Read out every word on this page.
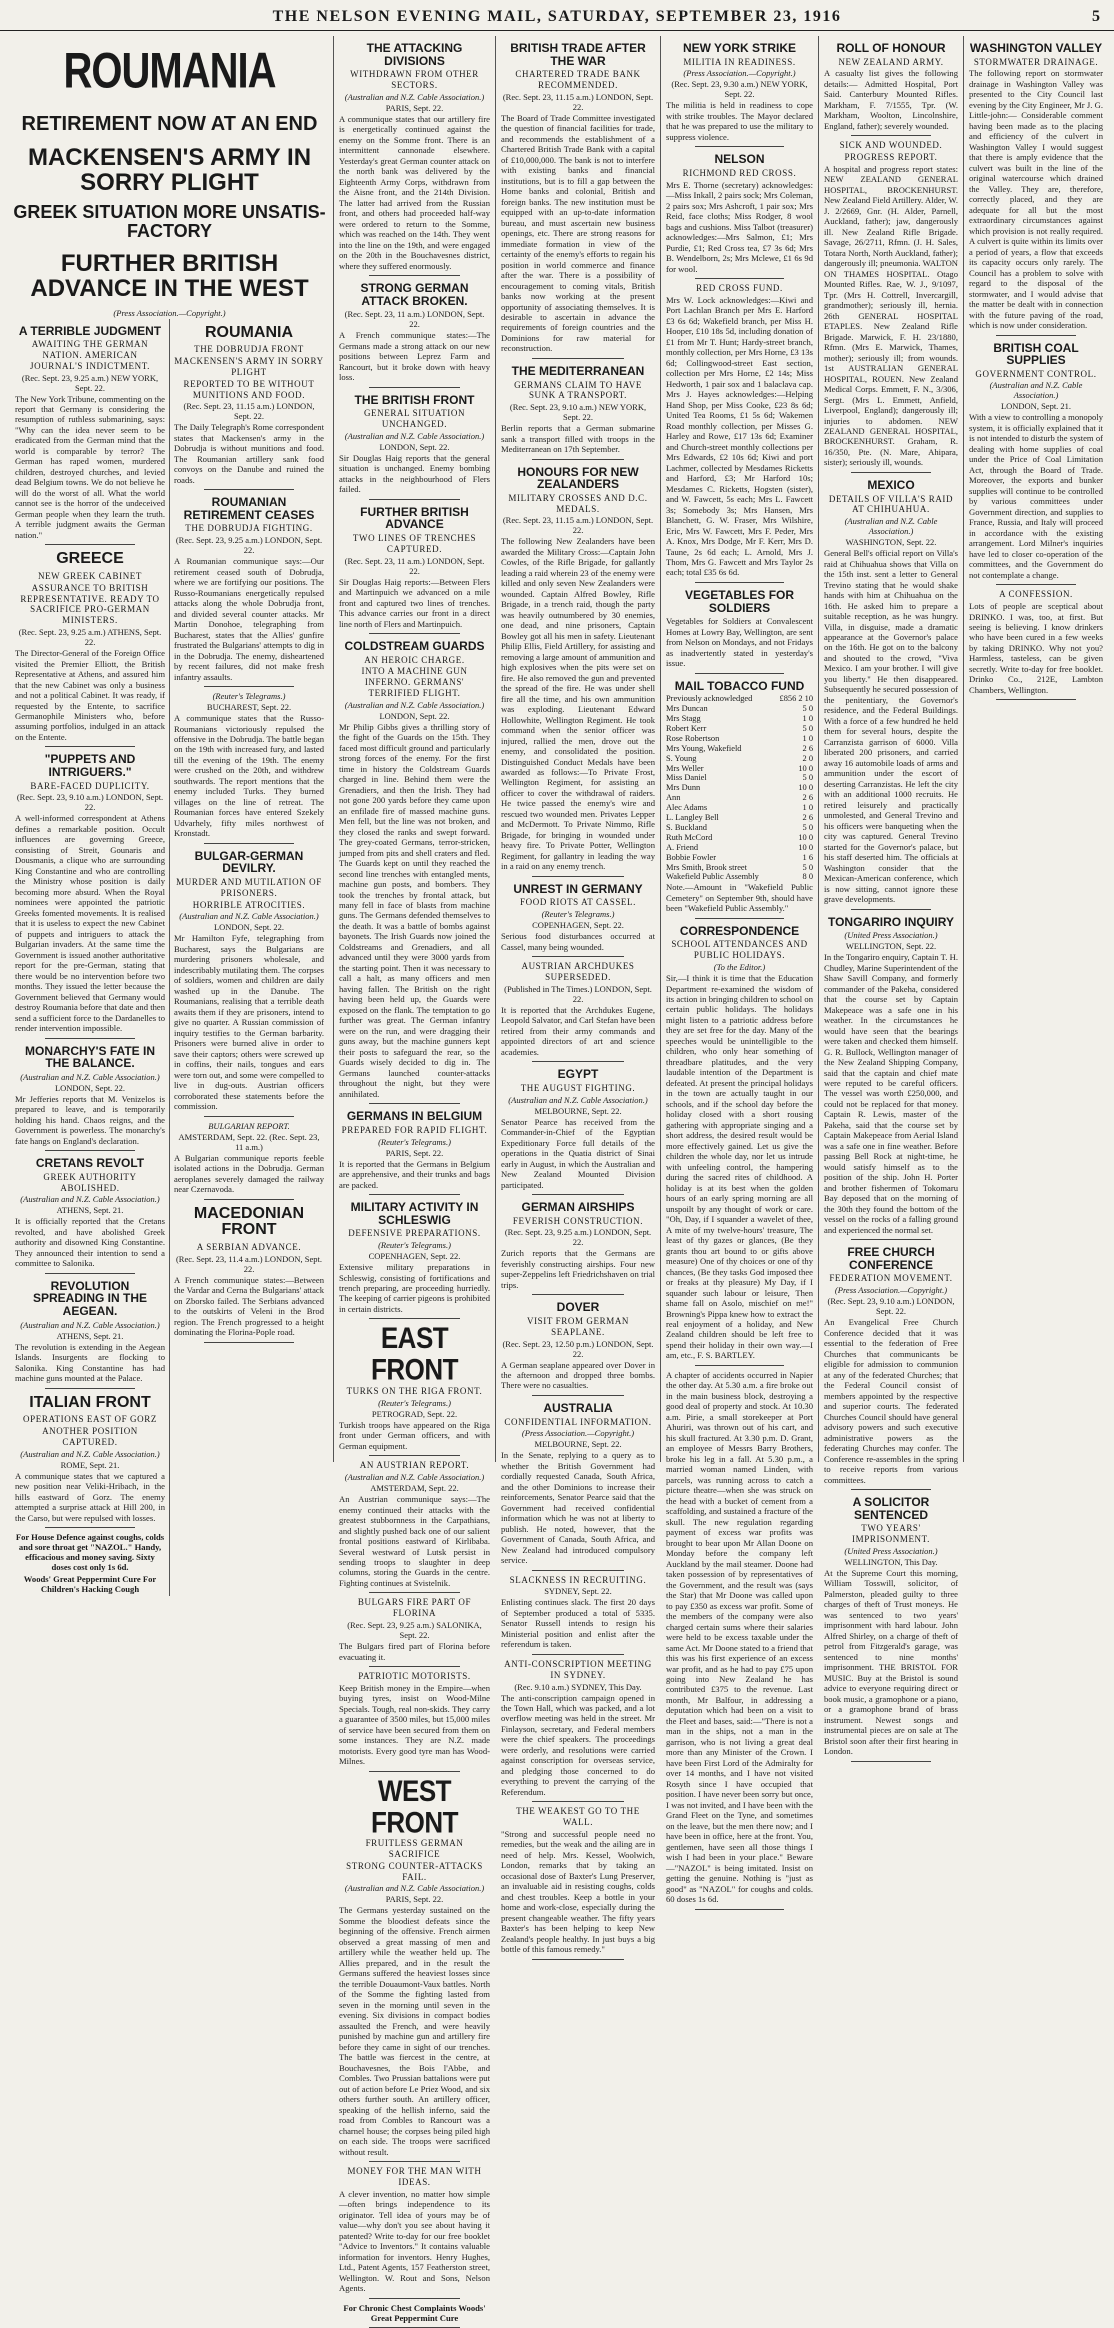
THE NELSON EVENING MAIL, SATURDAY, SEPTEMBER 23, 1916	5
ROUMANIA
RETIREMENT NOW AT AN END
MACKENSEN'S ARMY IN SORRY PLIGHT
GREEK SITUATION MORE UNSATIS-FACTORY
FURTHER BRITISH ADVANCE IN THE WEST
(Press Association.—Copyright.)
A TERRIBLE JUDGMENT
AWAITING THE GERMAN NATION. AMERICAN JOURNAL'S INDICTMENT.
(Rec. Sept. 23, 9.25 a.m.) NEW YORK, Sept. 22.

The New York Tribune, commenting on the report that Germany is considering the resumption of ruthless submarining, says: "Why can the idea never seem to be eradicated from the German mind that the world is comparable by terror? The German has raped women, murdered children, destroyed churches, and levied dead Belgium towns. We do not believe he will do the worst of all. What the world cannot see is the horror of the undeceived German people when they learn the truth. A terrible judgment awaits the German nation."

GREECE
NEW GREEK CABINET
ASSURANCE TO BRITISH REPRESENTATIVE. READY TO SACRIFICE PRO-GERMAN MINISTERS.
(Rec. Sept. 23, 9.25 a.m.) ATHENS, Sept. 22.

The Director-General of the Foreign Office visited the Premier Elliott, the British Representative at Athens, and assured him that the new Cabinet was only a business and not a political Cabinet. It was ready, if requested by the Entente, to sacrifice Germanophile Ministers who, before assuming portfolios, indulged in an attack on the Entente.

"PUPPETS AND INTRIGUERS."
BARE-FACED DUPLICITY.
(Rec. Sept. 23, 9.10 a.m.) LONDON, Sept. 22.

A well-informed correspondent at Athens defines a remarkable position. Occult influences are governing Greece, consisting of Streit, Gounaris and Dousmanis, a clique who are surrounding King Constantine and who are controlling the Ministry whose position is daily becoming more absurd. When the Royal nominees were appointed the patriotic Greeks fomented movements. It is realised that it is useless to expect the new Cabinet of puppets and intriguers to attack the Bulgarian invaders. At the same time the Government is issued another authoritative report for the pre-German, stating that there would be no intervention before two months. They issued the letter because the Government believed that Germany would destroy Roumania before that date and then send a sufficient force to the Dardanelles to render intervention impossible.

MONARCHY'S FATE IN THE BALANCE.
(Australian and N.Z. Cable Association.)
LONDON, Sept. 22.

Mr Jefferies reports that M. Venizelos is prepared to leave, and is temporarily holding his hand. Chaos reigns, and the Government is powerless. The monarchy's fate hangs on England's declaration.

CRETANS REVOLT
GREEK AUTHORITY ABOLISHED.
(Australian and N.Z. Cable Association.)
ATHENS, Sept. 21.

It is officially reported that the Cretans revolted, and have abolished Greek authority and disowned King Constantine. They announced their intention to send a committee to Salonika.

REVOLUTION SPREADING IN THE AEGEAN.
(Australian and N.Z. Cable Association.)
ATHENS, Sept. 21.

The revolution is extending in the Aegean Islands. Insurgents are flocking to Salonika. King Constantine has had machine guns mounted at the Palace.

ITALIAN FRONT
OPERATIONS EAST OF GORZ
ANOTHER POSITION CAPTURED.
(Australian and N.Z. Cable Association.)
ROME, Sept. 21.

A communique states that we captured a new position near Veliki-Hribach, in the hills eastward of Gorz. The enemy attempted a surprise attack at Hill 200, in the Carso, but were repulsed with losses.

For House Defence against coughs, colds and sore throat get "NAZOL." Handy, efficacious and money saving. Sixty doses cost only 1s 6d.
Woods' Great Peppermint Cure For Children's Hacking Cough
ROUMANIA
THE DOBRUDJA FRONT
MACKENSEN'S ARMY IN SORRY PLIGHT
REPORTED TO BE WITHOUT MUNITIONS AND FOOD.
(Rec. Sept. 23, 11.15 a.m.) LONDON, Sept. 22.

The Daily Telegraph's Rome correspondent states that Mackensen's army in the Dobrudja is without munitions and food. The Roumanian artillery sank food convoys on the Danube and ruined the roads.

ROUMANIAN RETIREMENT CEASES
THE DOBRUDJA FIGHTING.
(Rec. Sept. 23, 9.25 a.m.) LONDON, Sept. 22.

A Roumanian communique says:—Our retirement ceased south of Dobrudja, where we are fortifying our positions. The Russo-Roumanians energetically repulsed attacks along the whole Dobrudja front, and divided several counter attacks. Mr Martin Donohoe, telegraphing from Bucharest, states that the Allies' gunfire frustrated the Bulgarians' attempts to dig in in the Dobrudja. The enemy, disheartened by recent failures, did not make fresh infantry assaults.

(Reuter's Telegrams.)
BUCHAREST, Sept. 22.

A communique states that the Russo-Roumanians victoriously repulsed the offensive in the Dobrudja. The battle began on the 19th with increased fury, and lasted till the evening of the 19th. The enemy were crushed on the 20th, and withdrew southwards. The report mentions that the enemy included Turks. They burned villages on the line of retreat. The Roumanian forces have entered Szekely Udvarhely, fifty miles northwest of Kronstadt.

BULGAR-GERMAN DEVILRY.
MURDER AND MUTILATION OF PRISONERS.
HORRIBLE ATROCITIES.
(Australian and N.Z. Cable Association.)
LONDON, Sept. 22.

Mr Hamilton Fyfe, telegraphing from Bucharest, says the Bulgarians are murdering prisoners wholesale, and indescribably mutilating them. The corpses of soldiers, women and children are daily washed up in the Danube. The Roumanians, realising that a terrible death awaits them if they are prisoners, intend to give no quarter. A Russian commission of inquiry testifies to the German barbarity. Prisoners were burned alive in order to save their captors; others were screwed up in coffins, their nails, tongues and ears were torn out, and some were compelled to live in dug-outs. Austrian officers corroborated these statements before the commission.

BULGARIAN REPORT.
AMSTERDAM, Sept. 22. (Rec. Sept. 23, 11 a.m.)

A Bulgarian communique reports feeble isolated actions in the Dobrudja. German aeroplanes severely damaged the railway near Czernavoda.

MACEDONIAN FRONT
A SERBIAN ADVANCE.
(Rec. Sept. 23, 11.4 a.m.) LONDON, Sept. 22.

A French communique states:—Between the Vardar and Cerna the Bulgarians' attack on Zborsko failed. The Serbians advanced to the outskirts of Veleni in the Brod region. The French progressed to a height dominating the Florina-Pople road.

THE ATTACKING DIVISIONS
WITHDRAWN FROM OTHER SECTORS.
(Australian and N.Z. Cable Association.)
PARIS, Sept. 22.

A communique states that our artillery fire is energetically continued against the enemy on the Somme front. There is an intermittent cannonade elsewhere. Yesterday's great German counter attack on the north bank was delivered by the Eighteenth Army Corps, withdrawn from the Aisne front, and the 214th Division. The latter had arrived from the Russian front, and others had proceeded half-way were ordered to return to the Somme, which was reached on the 14th. They went into the line on the 19th, and were engaged on the 20th in the Bouchavesnes district, where they suffered enormously.

STRONG GERMAN ATTACK BROKEN.
(Rec. Sept. 23, 11 a.m.) LONDON, Sept. 22.

A French communique states:—The Germans made a strong attack on our new positions between Leprez Farm and Rancourt, but it broke down with heavy loss.

THE BRITISH FRONT
GENERAL SITUATION UNCHANGED.
(Australian and N.Z. Cable Association.)
LONDON, Sept. 22.

Sir Douglas Haig reports that the general situation is unchanged. Enemy bombing attacks in the neighbourhood of Flers failed.

FURTHER BRITISH ADVANCE
TWO LINES OF TRENCHES CAPTURED.
(Rec. Sept. 23, 11 a.m.) LONDON, Sept. 22.

Sir Douglas Haig reports:—Between Flers and Martinpuich we advanced on a mile front and captured two lines of trenches. This advance carries our front in a direct line north of Flers and Martinpuich.

COLDSTREAM GUARDS
AN HEROIC CHARGE.
INTO A MACHINE GUN INFERNO. GERMANS' TERRIFIED FLIGHT.
(Australian and N.Z. Cable Association.)
LONDON, Sept. 22.

Mr Philip Gibbs gives a thrilling story of the fight of the Guards on the 15th. They faced most difficult ground and particularly strong forces of the enemy. For the first time in history the Coldstream Guards charged in line. Behind them were the Grenadiers, and then the Irish. They had not gone 200 yards before they came upon an enfilade fire of massed machine guns. Men fell, but the line was not broken, and they closed the ranks and swept forward. The grey-coated Germans, terror-stricken, jumped from pits and shell craters and fled. The Guards kept on until they reached the second line trenches with entangled ments, machine gun posts, and bombers. They took the trenches by frontal attack, but many fell in face of blasts from machine guns. The Germans defended themselves to the death. It was a battle of bombs against bayonets. The Irish Guards now joined the Coldstreams and Grenadiers, and all advanced until they were 3000 yards from the starting point. Then it was necessary to call a halt, as many officers and men having fallen. The British on the right having been held up, the Guards were exposed on the flank. The temptation to go further was great. The German infantry were on the run, and were dragging their guns away, but the machine gunners kept their posts to safeguard the rear, so the Guards wisely decided to dig in. The Germans launched counter-attacks throughout the night, but they were annihilated.

GERMANS IN BELGIUM
PREPARED FOR RAPID FLIGHT.
(Reuter's Telegrams.)
PARIS, Sept. 22.

It is reported that the Germans in Belgium are apprehensive, and their trunks and bags are packed.

MILITARY ACTIVITY IN SCHLESWIG
DEFENSIVE PREPARATIONS.
(Reuter's Telegrams.)
COPENHAGEN, Sept. 22.

Extensive military preparations in Schleswig, consisting of fortifications and trench preparing, are proceeding hurriedly. The keeping of carrier pigeons is prohibited in certain districts.

EAST FRONT
TURKS ON THE RIGA FRONT.
(Reuter's Telegrams.)
PETROGRAD, Sept. 22.

Turkish troops have appeared on the Riga front under German officers, and with German equipment.

AN AUSTRIAN REPORT.
(Australian and N.Z. Cable Association.)
AMSTERDAM, Sept. 22.

An Austrian communique says:—The enemy continued their attacks with the greatest stubbornness in the Carpathians, and slightly pushed back one of our salient frontal positions eastward of Kirlibaba. Several westward of Lutsk persist in sending troops to slaughter in deep columns, storing the Guards in the centre. Fighting continues at Svistelnik.

BULGARS FIRE PART OF FLORINA
(Rec. Sept. 23, 9.25 a.m.) SALONIKA, Sept. 22.

The Bulgars fired part of Florina before evacuating it.

PATRIOTIC MOTORISTS.

Keep British money in the Empire—when buying tyres, insist on Wood-Milne Specials. Tough, real non-skids. They carry a guarantee of 3500 miles, but 15,000 miles of service have been secured from them on some instances. They are N.Z. made motorists. Every good tyre man has Wood-Milnes.

WEST FRONT
FRUITLESS GERMAN SACRIFICE
STRONG COUNTER-ATTACKS FAIL.
(Australian and N.Z. Cable Association.)
PARIS, Sept. 22.

The Germans yesterday sustained on the Somme the bloodiest defeats since the beginning of the offensive. French airmen observed a great massing of men and artillery while the weather held up. The Allies prepared, and in the result the Germans suffered the heaviest losses since the terrible Douaumont-Vaux battles. North of the Somme the fighting lasted from seven in the morning until seven in the evening. Six divisions in compact bodies assaulted the French, and were heavily punished by machine gun and artillery fire before they came in sight of our trenches. The battle was fiercest in the centre, at Bouchavesnes, the Bois l'Abbe, and Combles. Two Prussian battalions were put out of action before Le Priez Wood, and six others further south. An artillery officer, speaking of the hellish inferno, said the road from Combles to Rancourt was a charnel house; the corpses being piled high on each side. The troops were sacrificed without result.

MONEY FOR THE MAN WITH IDEAS.

A clever invention, no matter how simple—often brings independence to its originator. Tell idea of yours may be of value—why don't you see about having it patented? Write to-day for our free booklet "Advice to Inventors." It contains valuable information for inventors. Henry Hughes, Ltd., Patent Agents, 157 Featherston street, Wellington. W. Rout and Sons, Nelson Agents.

For Chronic Chest Complaints Woods' Great Peppermint Cure
BRITISH TRADE AFTER THE WAR
CHARTERED TRADE BANK RECOMMENDED.
(Rec. Sept. 23, 11.15 a.m.) LONDON, Sept. 22.

The Board of Trade Committee investigated the question of financial facilities for trade, and recommends the establishment of a Chartered British Trade Bank with a capital of £10,000,000. The bank is not to interfere with existing banks and financial institutions, but is to fill a gap between the Home banks and colonial, British and foreign banks. The new institution must be equipped with an up-to-date information bureau, and must ascertain new business openings, etc. There are strong reasons for immediate formation in view of the certainty of the enemy's efforts to regain his position in world commerce and finance after the war. There is a possibility of encouragement to coming vitals, British banks now working at the present opportunity of associating themselves. It is desirable to ascertain in advance the requirements of foreign countries and the Dominions for raw material for reconstruction.

THE MEDITERRANEAN
GERMANS CLAIM TO HAVE SUNK A TRANSPORT.
(Rec. Sept. 23, 9.10 a.m.) NEW YORK, Sept. 22.

Berlin reports that a German submarine sank a transport filled with troops in the Mediterranean on 17th September.

HONOURS FOR NEW ZEALANDERS
MILITARY CROSSES AND D.C. MEDALS.
(Rec. Sept. 23, 11.15 a.m.) LONDON, Sept. 22.

The following New Zealanders have been awarded the Military Cross:—Captain John Cowles, of the Rifle Brigade, for gallantly leading a raid wherein 23 of the enemy were killed and only seven New Zealanders were wounded. Captain Alfred Bowley, Rifle Brigade, in a trench raid, though the party was heavily outnumbered by 30 enemies, one dead, and nine prisoners, Captain Bowley got all his men in safety. Lieutenant Philip Ellis, Field Artillery, for assisting and removing a large amount of ammunition and high explosives when the pits were set on fire. He also removed the gun and prevented the spread of the fire. He was under shell fire all the time, and his own ammunition was exploding. Lieutenant Edward Hollowhite, Wellington Regiment. He took command when the senior officer was injured, rallied the men, drove out the enemy, and consolidated the position. Distinguished Conduct Medals have been awarded as follows:—To Private Frost, Wellington Regiment, for assisting an officer to cover the withdrawal of raiders. He twice passed the enemy's wire and rescued two wounded men. Privates Lepper and McDermott. To Private Nimmo, Rifle Brigade, for bringing in wounded under heavy fire. To Private Potter, Wellington Regiment, for gallantry in leading the way in a raid on any enemy trench.

UNREST IN GERMANY
FOOD RIOTS AT CASSEL.
(Reuter's Telegrams.)
COPENHAGEN, Sept. 22.

Serious food disturbances occurred at Cassel, many being wounded.

AUSTRIAN ARCHDUKES SUPERSEDED.
(Published in The Times.) LONDON, Sept. 22.

It is reported that the Archdukes Eugene, Leopold Salvator, and Carl Stefan have been retired from their army commands and appointed directors of art and science academies.

EGYPT
THE AUGUST FIGHTING.
(Australian and N.Z. Cable Association.)
MELBOURNE, Sept. 22.

Senator Pearce has received from the Commander-in-Chief of the Egyptian Expeditionary Force full details of the operations in the Quatia district of Sinai early in August, in which the Australian and New Zealand Mounted Division participated.

GERMAN AIRSHIPS
FEVERISH CONSTRUCTION.
(Rec. Sept. 23, 9.25 a.m.) LONDON, Sept. 22.

Zurich reports that the Germans are feverishly constructing airships. Four new super-Zeppelins left Friedrichshaven on trial trips.

DOVER
VISIT FROM GERMAN SEAPLANE.
(Rec. Sept. 23, 12.50 p.m.) LONDON, Sept. 22.

A German seaplane appeared over Dover in the afternoon and dropped three bombs. There were no casualties.

AUSTRALIA
CONFIDENTIAL INFORMATION.
(Press Association.—Copyright.)
MELBOURNE, Sept. 22.

In the Senate, replying to a query as to whether the British Government had cordially requested Canada, South Africa, and the other Dominions to increase their reinforcements, Senator Pearce said that the Government had received confidential information which he was not at liberty to publish. He noted, however, that the Government of Canada, South Africa, and New Zealand had introduced compulsory service.

SLACKNESS IN RECRUITING.
SYDNEY, Sept. 22.

Enlisting continues slack. The first 20 days of September produced a total of 5335. Senator Russell intends to resign his Ministerial position and enlist after the referendum is taken.

ANTI-CONSCRIPTION MEETING IN SYDNEY.
(Rec. 9.10 a.m.) SYDNEY, This Day.

The anti-conscription campaign opened in the Town Hall, which was packed, and a lot overflow meeting was held in the street. Mr Finlayson, secretary, and Federal members were the chief speakers. The proceedings were orderly, and resolutions were carried against conscription for overseas service, and pledging those concerned to do everything to prevent the carrying of the Referendum.

THE WEAKEST GO TO THE WALL.

"Strong and successful people need no remedies, but the weak and the ailing are in need of help. Mrs. Kessel, Woolwich, London, remarks that by taking an occasional dose of Baxter's Lung Preserver, an invaluable aid in resisting coughs, colds and chest troubles. Keep a bottle in your home and work-close, especially during the present changeable weather. The fifty years Baxter's has been helping to keep New Zealand's people healthy. In just buys a big bottle of this famous remedy."

NEW YORK STRIKE
MILITIA IN READINESS.
(Press Association.—Copyright.)
(Rec. Sept. 23, 9.30 a.m.) NEW YORK, Sept. 22.

The militia is held in readiness to cope with strike troubles. The Mayor declared that he was prepared to use the military to suppress violence.

NELSON
RICHMOND RED CROSS.

Mrs E. Thorne (secretary) acknowledges:—Miss Inkall, 2 pairs sock; Mrs Coleman, 2 pairs sox; Mrs Ashcroft, 1 pair sox; Mrs Reid, face cloths; Miss Rodger, 8 wool bags and cushions. Miss Talbot (treasurer) acknowledges:—Mrs Salmon, £1; Mrs Purdie, £1; Red Cross tea, £7 3s 6d; Mrs B. Wendelborn, 2s; Mrs Mclewe, £1 6s 9d for wool.

RED CROSS FUND.

Mrs W. Lock acknowledges:—Kiwi and Port Lachlan Branch per Mrs E. Harford £3 6s 6d; Wakefield branch, per Miss H. Hooper, £10 18s 5d, including donation of £1 from Mr T. Hunt; Hardy-street branch, monthly collection, per Mrs Horne, £3 13s 6d; Collingwood-street East section, collection per Mrs Horne, £2 14s; Miss Hedworth, 1 pair sox and 1 balaclava cap. Mrs J. Hayes acknowledges:—Helping Hand Shop, per Miss Cooke, £23 8s 6d; United Tea Rooms, £1 5s 6d; Wakemen Road monthly collection, per Misses G. Harley and Rowe, £17 13s 6d; Examiner and Church-street monthly collections per Mrs Edwards, £2 10s 6d; Kiwi and port Lachmer, collected by Mesdames Ricketts and Harford, £3; Mr Harford 10s; Mesdames C. Ricketts, Hogsten (sister), and W. Fawcett, 5s each; Mrs L. Fawcett 3s; Somebody 3s; Mrs Hansen, Mrs Blanchett, G. W. Fraser, Mrs Wilshire, Eric, Mrs W. Fawcett, Mrs F. Peder, Mrs A. Knox, Mrs Dodge, Mr F. Kerr, Mrs D. Taune, 2s 6d each; L. Arnold, Mrs J. Thom, Mrs G. Fawcett and Mrs Taylor 2s each; total £35 6s 6d.

VEGETABLES FOR SOLDIERS

Vegetables for Soldiers at Convalescent Homes at Lowry Bay, Wellington, are sent from Nelson on Mondays, and not Fridays as inadvertently stated in yesterday's issue.

MAIL TOBACCO FUND
Previously acknowledged	£856 2 10
Mrs Duncan	5 0
Mrs Stagg	1 0
Robert Kerr	5 0
Rose Robertson	1 0
Mrs Young, Wakefield	2 6
S. Young	2 0
Mrs Weller	10 0
Miss Daniel	5 0
Mrs Dunn	10 0
Ann	2 6
Alec Adams	1 0
L. Langley Bell	2 6
S. Buckland	5 0
Ruth McCord	10 0
A. Friend	10 0
Bobbie Fowler	1 6
Mrs Smith, Brook street	5 0
Wakefield Public Assembly	8 0

Note.—Amount in "Wakefield Public Cemetery" on September 9th, should have been "Wakefield Public Assembly."

CORRESPONDENCE
SCHOOL ATTENDANCES AND PUBLIC HOLIDAYS.
(To the Editor.)

Sir,—I think it is time that the Education Department re-examined the wisdom of its action in bringing children to school on certain public holidays. The holidays might listen to a patriotic address before they are set free for the day. Many of the speeches would be unintelligible to the children, who only hear something of threadbare platitudes, and the very laudable intention of the Department is defeated. At present the principal holidays in the town are actually taught in our schools, and if the school day before the holiday closed with a short rousing gathering with appropriate singing and a short address, the desired result would be more effectively gained. Let us give the children the whole day, nor let us intrude with unfeeling control, the hampering during the sacred rites of childhood. A holiday is at its best when the golden hours of an early spring morning are all unspoilt by any thought of work or care. "Oh, Day, if I squander a wavelet of thee, A mite of my twelve-hours' treasure, The least of thy gazes or glances, (Be they grants thou art bound to or gifts above measure) One of thy choices or one of thy chances, (Be they tasks God imposed thee or freaks at thy pleasure) My Day, if I squander such labour or leisure, Then shame fall on Asolo, mischief on me!" Browning's Pippa knew how to extract the real enjoyment of a holiday, and New Zealand children should be left free to spend their holiday in their own way.—I am, etc., F. S. BARTLEY.

A chapter of accidents occurred in Napier the other day. At 5.30 a.m. a fire broke out in the main business block, destroying a good deal of property and stock. At 10.30 a.m. Pirie, a small storekeeper at Port Ahuriri, was thrown out of his cart, and his skull fractured. At 3.30 p.m. D. Grant, an employee of Messrs Barry Brothers, broke his leg in a fall. At 5.30 p.m., a married woman named Linden, with parcels, was running across to catch a picture theatre—when she was struck on the head with a bucket of cement from a scaffolding, and sustained a fracture of the skull. The new regulation regarding payment of excess war profits was brought to bear upon Mr Allan Doone on Monday before the company left Auckland by the mail steamer. Doone had taken possession of by representatives of the Government, and the result was (says the Star) that Mr Doone was called upon to pay £350 as excess war profit. Some of the members of the company were also charged certain sums where their salaries were held to be excess taxable under the same Act. Mr Doone stated to a friend that this was his first experience of an excess war profit, and as he had to pay £75 upon going into New Zealand he has contributed £375 to the revenue. Last month, Mr Balfour, in addressing a deputation which had been on a visit to the Fleet and bases, said:—"There is not a man in the ships, not a man in the garrison, who is not living a great deal more than any Minister of the Crown. I have been First Lord of the Admiralty for over 14 months, and I have not visited Rosyth since I have occupied that position. I have never been sorry but once, I was not invited, and I have been with the Grand Fleet on the Tyne, and sometimes on the leave, but the men there now; and I have been in office, here at the front. You, gentlemen, have seen all those things I wish I had been in your place." Beware—"NAZOL" is being imitated. Insist on getting the genuine. Nothing is "just as good" as "NAZOL" for coughs and colds. 60 doses 1s 6d.

ROLL OF HONOUR
NEW ZEALAND ARMY.

A casualty list gives the following details:— Admitted Hospital, Port Said. Canterbury Mounted Rifles. Markham, F. 7/1555, Tpr. (W. Markham, Woolton, Lincolnshire, England, father); severely wounded.

SICK AND WOUNDED.
PROGRESS REPORT.

A hospital and progress report states: NEW ZEALAND GENERAL HOSPITAL, BROCKENHURST. New Zealand Field Artillery. Alder, W. J. 2/2669, Gnr. (H. Alder, Parnell, Auckland, father); jaw, dangerously ill. New Zealand Rifle Brigade. Savage, 26/2711, Rfmn. (J. H. Sales, Totara North, North Auckland, father); dangerously ill; pneumonia. WALTON ON THAMES HOSPITAL. Otago Mounted Rifles. Rae, W. J., 9/1097, Tpr. (Mrs H. Cottrell, Invercargill, grandmother); seriously ill, hernia. 26th GENERAL HOSPITAL ETAPLES. New Zealand Rifle Brigade. Marwick, F. H. 23/1880, Rfmn. (Mrs E. Marwick, Thames, mother); seriously ill; from wounds. 1st AUSTRALIAN GENERAL HOSPITAL, ROUEN. New Zealand Medical Corps. Emmett, F. N., 3/306, Sergt. (Mrs L. Emmett, Anfield, Liverpool, England); dangerously ill; injuries to abdomen. NEW ZEALAND GENERAL HOSPITAL, BROCKENHURST. Graham, R. 16/350, Pte. (N. Mare, Ahipara, sister); seriously ill, wounds.

MEXICO
DETAILS OF VILLA'S RAID AT CHIHUAHUA.
(Australian and N.Z. Cable Association.)
WASHINGTON, Sept. 22.

General Bell's official report on Villa's raid at Chihuahua shows that Villa on the 15th inst. sent a letter to General Trevino stating that he would shake hands with him at Chihuahua on the 16th. He asked him to prepare a suitable reception, as he was hungry. Villa, in disguise, made a dramatic appearance at the Governor's palace on the 16th. He got on to the balcony and shouted to the crowd, "Viva Mexico. I am your brother. I will give you liberty." He then disappeared. Subsequently he secured possession of the penitentiary, the Governor's residence, and the Federal Buildings. With a force of a few hundred he held them for several hours, despite the Carranzista garrison of 6000. Villa liberated 200 prisoners, and carried away 16 automobile loads of arms and ammunition under the escort of deserting Carranzistas. He left the city with an additional 1000 recruits. He retired leisurely and practically unmolested, and General Trevino and his officers were banqueting when the city was captured. General Trevino started for the Governor's palace, but his staff deserted him. The officials at Washington consider that the Mexican-American conference, which is now sitting, cannot ignore these grave developments.

TONGARIRO INQUIRY
(United Press Association.)
WELLINGTON, Sept. 22.

In the Tongariro enquiry, Captain T. H. Chudley, Marine Superintendent of the Shaw Savill Company, and formerly commander of the Pakeha, considered that the course set by Captain Makepeace was a safe one in his weather. In the circumstances he would have seen that the bearings were taken and checked them himself. G. R. Bullock, Wellington manager of the New Zealand Shipping Company, said that the captain and chief mate were reputed to be careful officers. The vessel was worth £250,000, and could not be replaced for that money. Captain R. Lewis, master of the Pakeha, said that the course set by Captain Makepeace from Aerial Island was a safe one in fine weather. Before passing Bell Rock at night-time, he would satisfy himself as to the position of the ship. John H. Porter and brother fishermen of Tokomaru Bay deposed that on the morning of the 30th they found the bottom of the vessel on the rocks of a falling ground and experienced the normal set.

FREE CHURCH CONFERENCE
FEDERATION MOVEMENT.
(Press Association.—Copyright.)
(Rec. Sept. 23, 9.10 a.m.) LONDON, Sept. 22.

An Evangelical Free Church Conference decided that it was essential to the federation of Free Churches that communicants be eligible for admission to communion at any of the federated Churches; that the Federal Council consist of members appointed by the respective and superior courts. The federated Churches Council should have general advisory powers and such executive administrative powers as the federating Churches may confer. The Conference re-assembles in the spring to receive reports from various committees.

A SOLICITOR SENTENCED
TWO YEARS' IMPRISONMENT.
(United Press Association.)
WELLINGTON, This Day.

At the Supreme Court this morning, William Tosswill, solicitor, of Palmerston, pleaded guilty to three charges of theft of Trust moneys. He was sentenced to two years' imprisonment with hard labour. John Alfred Shirley, on a charge of theft of petrol from Fitzgerald's garage, was sentenced to nine months' imprisonment. THE BRISTOL FOR MUSIC. Buy at the Bristol is sound advice to everyone requiring direct or book music, a gramophone or a piano, or a gramophone brand of brass instrument. Newest songs and instrumental pieces are on sale at The Bristol soon after their first hearing in London.

WASHINGTON VALLEY
STORMWATER DRAINAGE.

The following report on stormwater drainage in Washington Valley was presented to the City Council last evening by the City Engineer, Mr J. G. Little-john:— Considerable comment having been made as to the placing and efficiency of the culvert in Washington Valley I would suggest that there is amply evidence that the culvert was built in the line of the original watercourse which drained the Valley. They are, therefore, correctly placed, and they are adequate for all but the most extraordinary circumstances against which provision is not really required. A culvert is quite within its limits over a period of years, a flow that exceeds its capacity occurs only rarely. The Council has a problem to solve with regard to the disposal of the stormwater, and I would advise that the matter be dealt with in connection with the future paving of the road, which is now under consideration.

BRITISH COAL SUPPLIES
GOVERNMENT CONTROL.
(Australian and N.Z. Cable Association.)
LONDON, Sept. 21.

With a view to controlling a monopoly system, it is officially explained that it is not intended to disturb the system of dealing with home supplies of coal under the Price of Coal Limitation Act, through the Board of Trade. Moreover, the exports and bunker supplies will continue to be controlled by various committees under Government direction, and supplies to France, Russia, and Italy will proceed in accordance with the existing arrangement. Lord Milner's inquiries have led to closer co-operation of the committees, and the Government do not contemplate a change.

A CONFESSION.

Lots of people are sceptical about DRINKO. I was, too, at first. But seeing is believing. I know drinkers who have been cured in a few weeks by taking DRINKO. Why not you? Harmless, tasteless, can be given secretly. Write to-day for free booklet. Drinko Co., 212E, Lambton Chambers, Wellington.
